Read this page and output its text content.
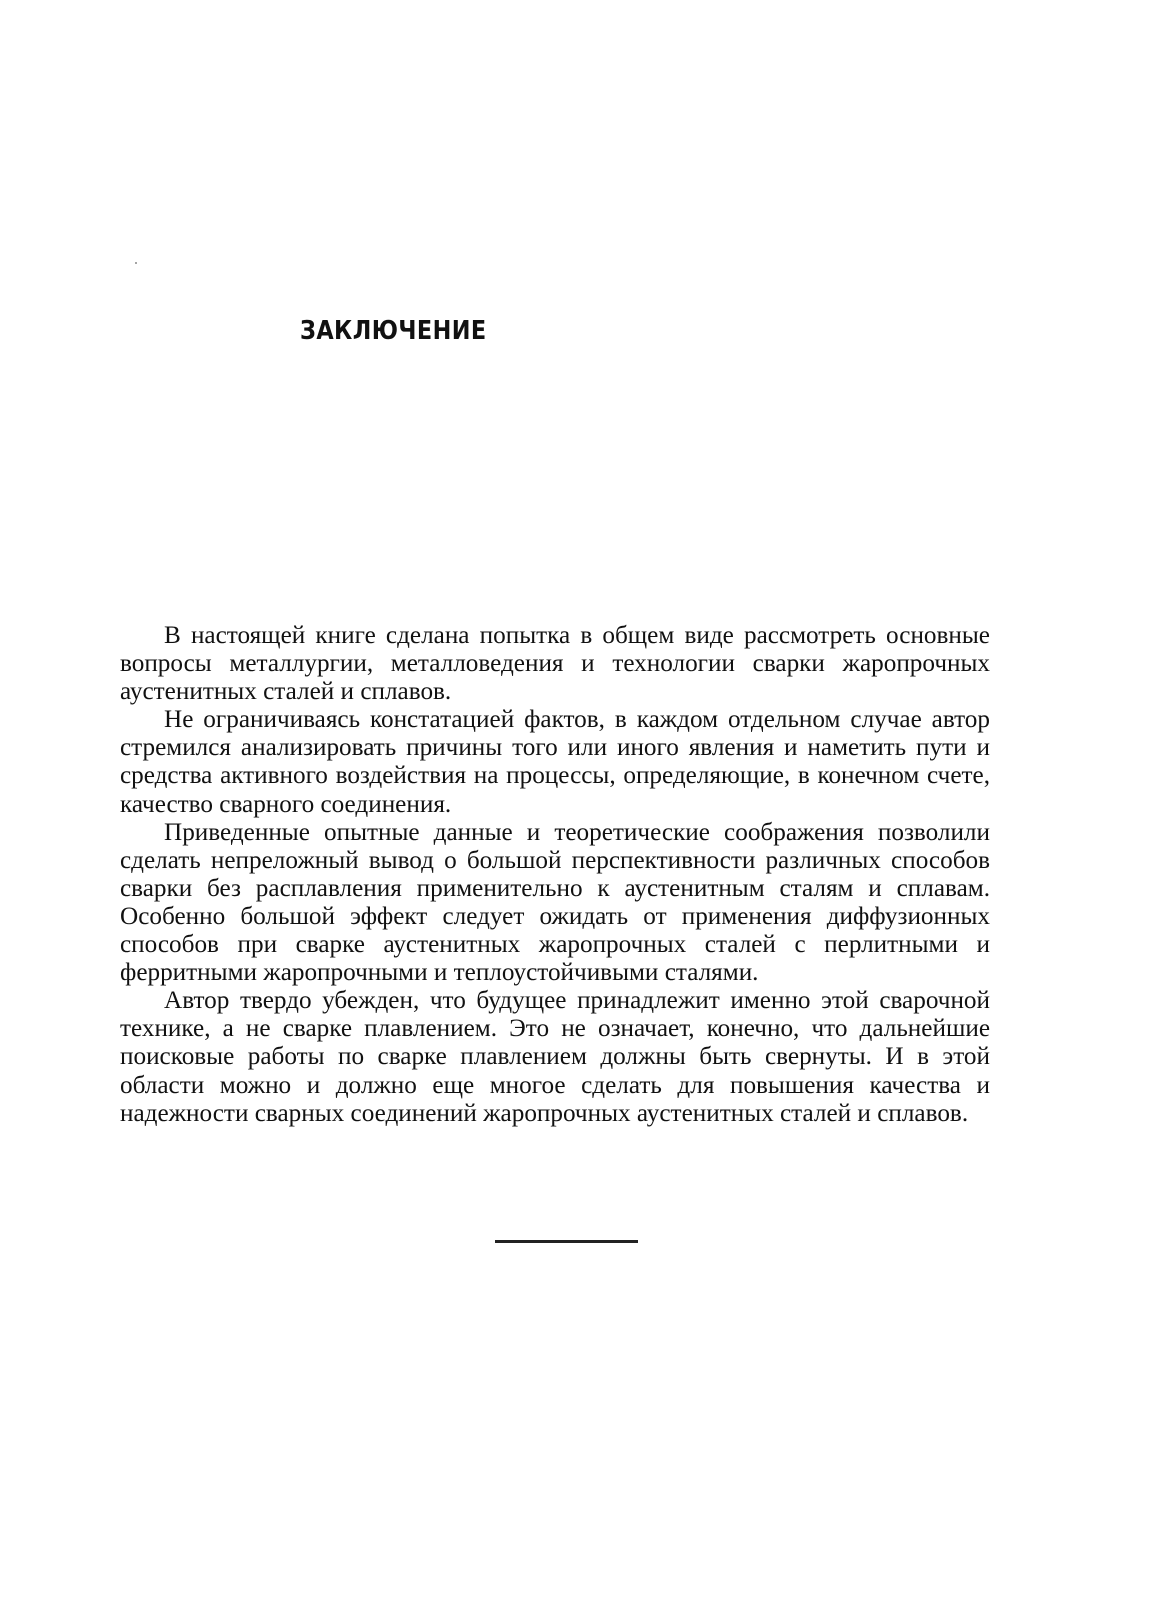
ЗАКЛЮЧЕНИЕ

В настоящей книге сделана попытка в общем виде рассмотреть основные вопросы металлургии, металловедения и технологии сварки жаропрочных аустенитных сталей и сплавов.

Не ограничиваясь констатацией фактов, в каждом отдельном случае автор стремился анализировать причины того или иного явления и наметить пути и средства активного воздействия на процессы, определяющие, в конечном счете, качество сварного соединения.

Приведенные опытные данные и теоретические соображения позволили сделать непреложный вывод о большой перспективности различных способов сварки без расплавления применительно к аустенитным сталям и сплавам. Особенно большой эффект следует ожидать от применения диффузионных способов при сварке аустенитных жаропрочных сталей с перлитными и ферритными жаропрочными и теплоустойчивыми сталями.

Автор твердо убежден, что будущее принадлежит именно этой сварочной технике, а не сварке плавлением. Это не означает, конечно, что дальнейшие поисковые работы по сварке плавлением должны быть свернуты. И в этой области можно и должно еще многое сделать для повышения качества и надежности сварных соединений жаропрочных аустенитных сталей и сплавов.
